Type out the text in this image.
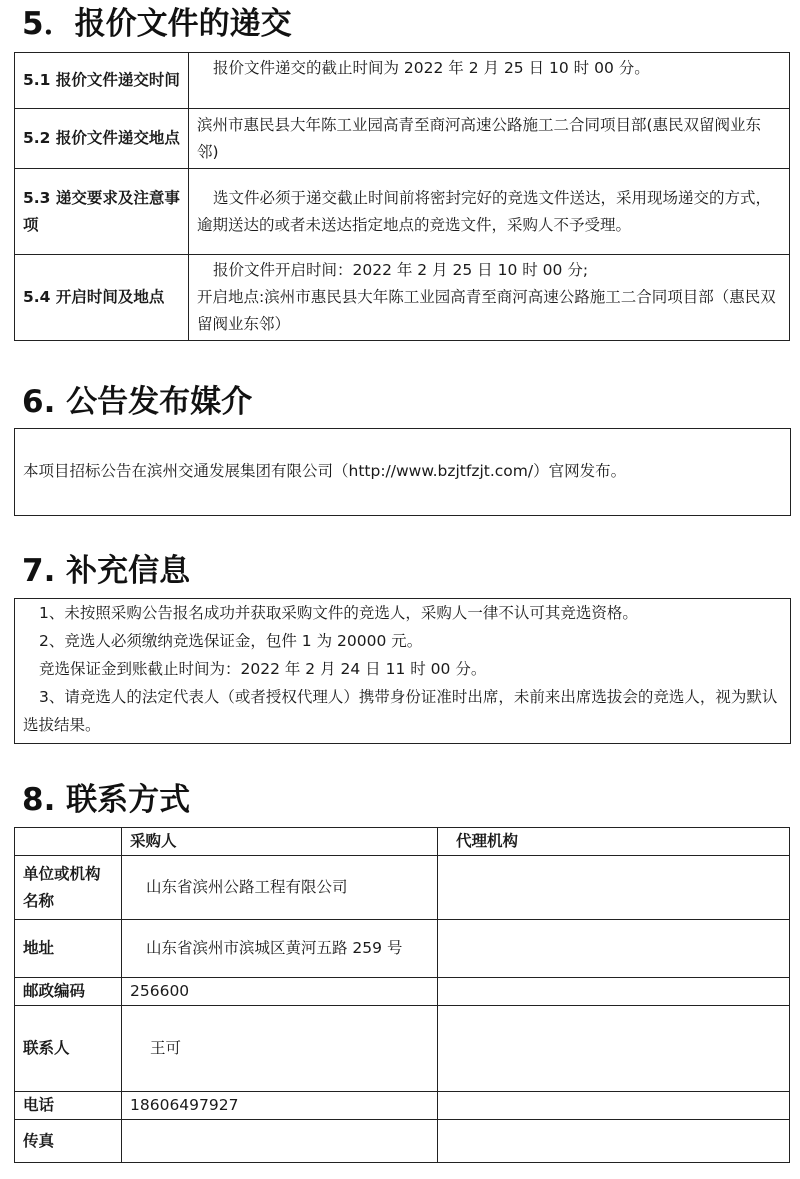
5．报价文件的递交
5.1 报价文件递交时间	报价文件递交的截止时间为 2022 年 2 月 25 日 10 时 00 分。

5.2 报价文件递交地点	滨州市惠民县大年陈工业园高青至商河高速公路施工二合同项目部(惠民双留阀业东邻)
5.3 递交要求及注意事项	选文件必须于递交截止时间前将密封完好的竞选文件送达，采用现场递交的方式，逾期送达的或者未送达指定地点的竞选文件，采购人不予受理。

5.4 开启时间及地点	报价文件开启时间：2022 年 2 月 25 日 10 时 00 分;
开启地点:滨州市惠民县大年陈工业园高青至商河高速公路施工二合同项目部（惠民双留阀业东邻）
6. 公告发布媒介

本项目招标公告在滨州交通发展集团有限公司（http://www.bzjtfzjt.com/）官网发布。

7. 补充信息

1、未按照采购公告报名成功并获取采购文件的竞选人，采购人一律不认可其竞选资格。

2、竞选人必须缴纳竞选保证金，包件 1 为 20000 元。

竞选保证金到账截止时间为：2022 年 2 月 24 日 11 时 00 分。

3、请竞选人的法定代表人（或者授权代理人）携带身份证准时出席，未前来出席选拔会的竞选人，视为默认选拔结果。

8. 联系方式
	采购人	代理机构
单位或机构名称	山东省滨州公路工程有限公司	

地址	山东省滨州市滨城区黄河五路 259 号	

邮政编码	256600	
联系人	王可	

电话	18606497927	
传真		
